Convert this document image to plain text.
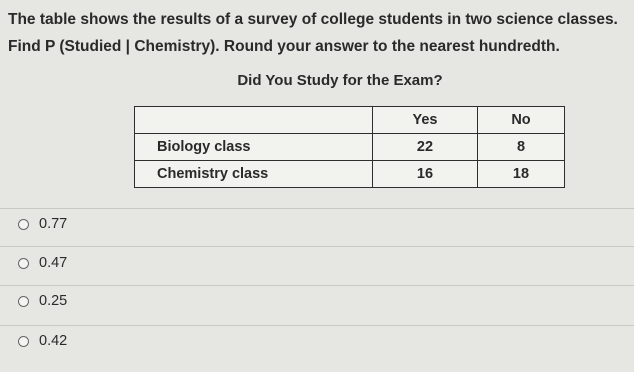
The table shows the results of a survey of college students in two science classes. Find P (Studied | Chemistry). Round your answer to the nearest hundredth.
Did You Study for the Exam?
	Yes	No
Biology class	22	8
Chemistry class	16	18
0.77
0.47
0.25
0.42
